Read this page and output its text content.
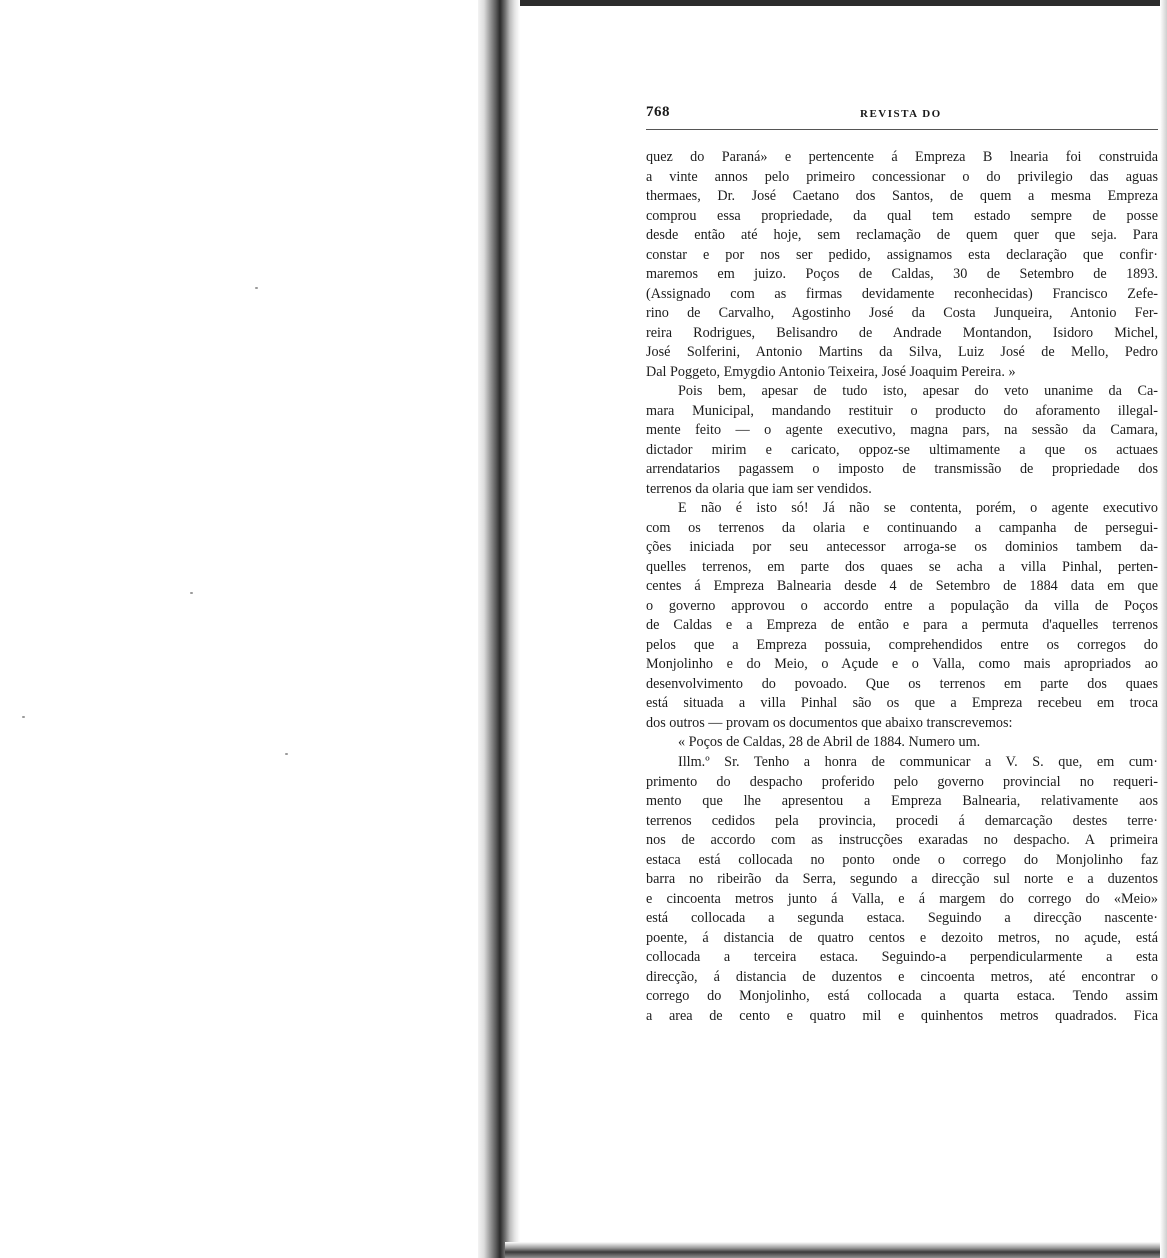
768	REVISTA DO
quez do Paraná» e pertencente á Empreza B lnearia foi construida
a vinte annos pelo primeiro concessionar o do privilegio das aguas
thermaes, Dr. José Caetano dos Santos, de quem a mesma Empreza
comprou essa propriedade, da qual tem estado sempre de posse
desde então até hoje, sem reclamação de quem quer que seja. Para
constar e por nos ser pedido, assignamos esta declaração que confir·
maremos em juizo. Poços de Caldas, 30 de Setembro de 1893.
(Assignado com as firmas devidamente reconhecidas) Francisco Zefe-
rino de Carvalho, Agostinho José da Costa Junqueira, Antonio Fer-
reira Rodrigues, Belisandro de Andrade Montandon, Isidoro Michel,
José Solferini, Antonio Martins da Silva, Luiz José de Mello, Pedro
Dal Poggeto, Emygdio Antonio Teixeira, José Joaquim Pereira. »
Pois bem, apesar de tudo isto, apesar do veto unanime da Ca-
mara Municipal, mandando restituir o producto do aforamento illegal-
mente feito — o agente executivo, magna pars, na sessão da Camara,
dictador mirim e caricato, oppoz-se ultimamente a que os actuaes
arrendatarios pagassem o imposto de transmissão de propriedade dos
terrenos da olaria que iam ser vendidos.
E não é isto só! Já não se contenta, porém, o agente executivo
com os terrenos da olaria e continuando a campanha de persegui-
ções iniciada por seu antecessor arroga-se os dominios tambem da-
quelles terrenos, em parte dos quaes se acha a villa Pinhal, perten-
centes á Empreza Balnearia desde 4 de Setembro de 1884 data em que
o governo approvou o accordo entre a população da villa de Poços
de Caldas e a Empreza de então e para a permuta d'aquelles terrenos
pelos que a Empreza possuia, comprehendidos entre os corregos do
Monjolinho e do Meio, o Açude e o Valla, como mais apropriados ao
desenvolvimento do povoado. Que os terrenos em parte dos quaes
está situada a villa Pinhal são os que a Empreza recebeu em troca
dos outros — provam os documentos que abaixo transcrevemos:
« Poços de Caldas, 28 de Abril de 1884. Numero um.
Illm.º Sr. Tenho a honra de communicar a V. S. que, em cum·
primento do despacho proferido pelo governo provincial no requeri-
mento que lhe apresentou a Empreza Balnearia, relativamente aos
terrenos cedidos pela provincia, procedi á demarcação destes terre·
nos de accordo com as instrucções exaradas no despacho. A primeira
estaca está collocada no ponto onde o corrego do Monjolinho faz
barra no ribeirão da Serra, segundo a direcção sul norte e a duzentos
e cincoenta metros junto á Valla, e á margem do corrego do «Meio»
está collocada a segunda estaca. Seguindo a direcção nascente·
poente, á distancia de quatro centos e dezoito metros, no açude, está
collocada a terceira estaca. Seguindo-a perpendicularmente a esta
direcção, á distancia de duzentos e cincoenta metros, até encontrar o
corrego do Monjolinho, está collocada a quarta estaca. Tendo assim
a area de cento e quatro mil e quinhentos metros quadrados. Fica
